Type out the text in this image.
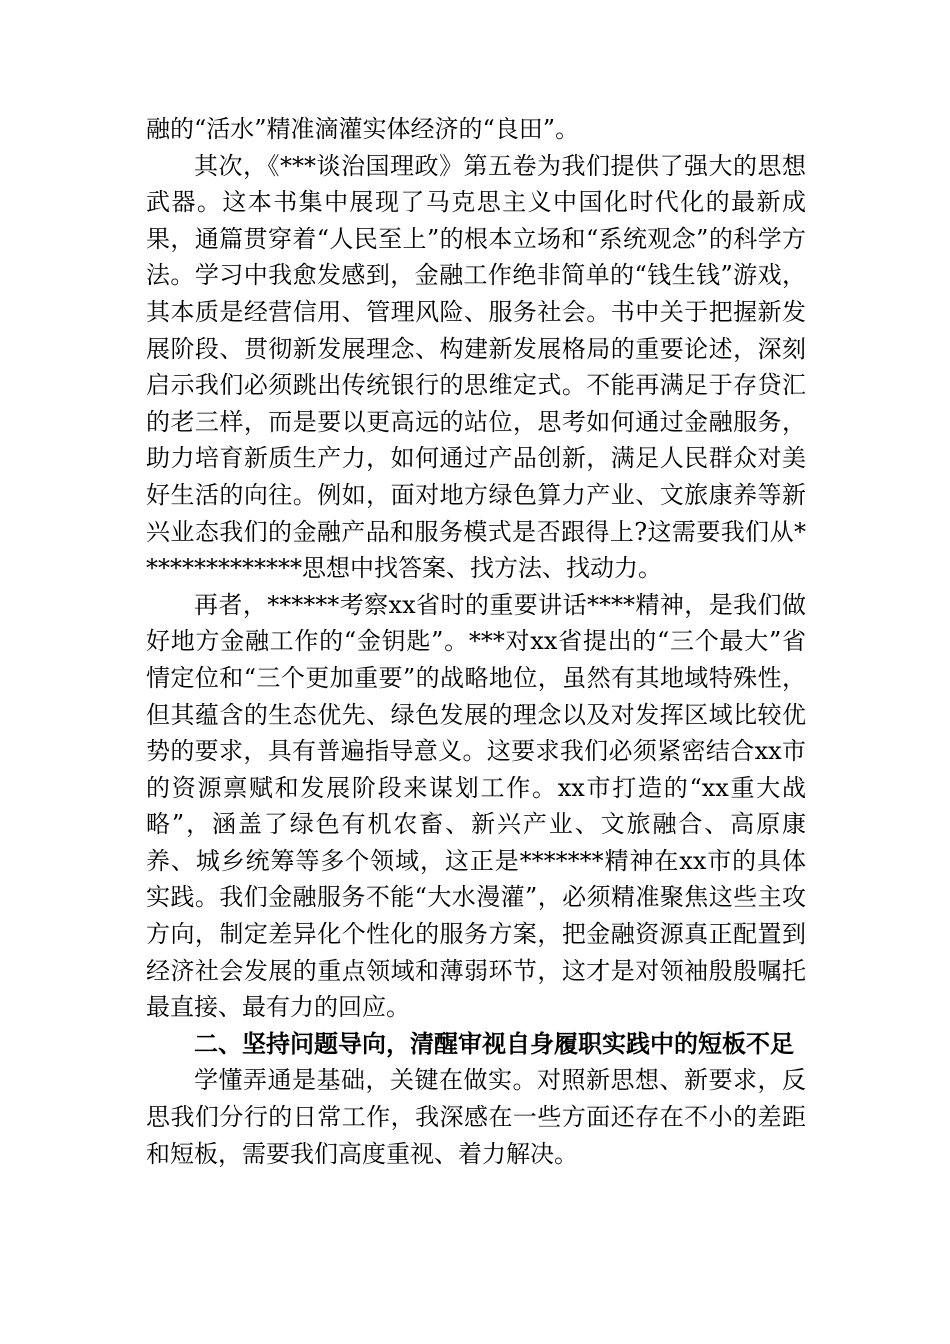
融的“活水”精准滴灌实体经济的“良田”。

其次，《***谈治国理政》第五卷为我们提供了强大的思想武器。这本书集中展现了马克思主义中国化时代化的最新成果，通篇贯穿着“人民至上”的根本立场和“系统观念”的科学方法。学习中我愈发感到，金融工作绝非简单的“钱生钱”游戏，其本质是经营信用、管理风险、服务社会。书中关于把握新发展阶段、贯彻新发展理念、构建新发展格局的重要论述，深刻启示我们必须跳出传统银行的思维定式。不能再满足于存贷汇的老三样，而是要以更高远的站位，思考如何通过金融服务，助力培育新质生产力，如何通过产品创新，满足人民群众对美好生活的向往。例如，面对地方绿色算力产业、文旅康养等新兴业态我们的金融产品和服务模式是否跟得上?这需要我们从**************思想中找答案、找方法、找动力。

再者，******考察xx省时的重要讲话****精神，是我们做好地方金融工作的“金钥匙”。***对xx省提出的“三个最大”省情定位和“三个更加重要”的战略地位，虽然有其地域特殊性，但其蕴含的生态优先、绿色发展的理念以及对发挥区域比较优势的要求，具有普遍指导意义。这要求我们必须紧密结合xx市的资源禀赋和发展阶段来谋划工作。xx市打造的“xx重大战略”，涵盖了绿色有机农畜、新兴产业、文旅融合、高原康养、城乡统筹等多个领域，这正是*******精神在xx市的具体实践。我们金融服务不能“大水漫灌”，必须精准聚焦这些主攻方向，制定差异化个性化的服务方案，把金融资源真正配置到经济社会发展的重点领域和薄弱环节，这才是对领袖殷殷嘱托最直接、最有力的回应。

二、坚持问题导向，清醒审视自身履职实践中的短板不足

学懂弄通是基础，关键在做实。对照新思想、新要求，反思我们分行的日常工作，我深感在一些方面还存在不小的差距和短板，需要我们高度重视、着力解决。
